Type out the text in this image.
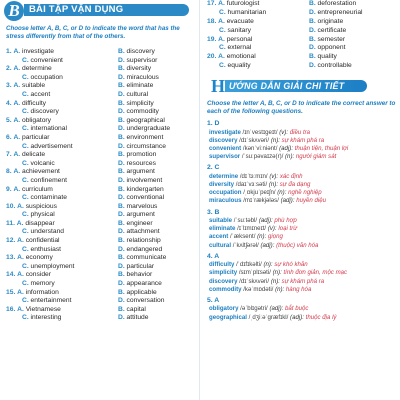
BÀI TẬP VẬN DỤNG
B
Choose letter A, B, C, or D to indicate the word that has the stress differently from that of the others.
1. A. investigate	B. discovery
C. convenient	D. supervisor
2. A. determine	B. diversity
C. occupation	D. miraculous
3. A. suitable	B. eliminate
C. accent	D. cultural
4. A. difficulty	B. simplicity
C. discovery	D. commodity
5. A. obligatory	B. geographical
C. international	D. undergraduate
6. A. particular	B. environment
C. advertisement	D. circumstance
7. A. delicate	B. promotion
C. volcanic	D. resources
8. A. achievement	B. argument
C. confinement	D. involvement
9. A. curriculum	B. kindergarten
C. contaminate	D. conventional
10. A. suspicious	B. marvelous
C. physical	D. argument
11. A. disappear	B. engineer
C. understand	D. attachment
12. A. confidential	B. relationship
C. enthusiast	D. endangered
13. A. economy	B. communicate
C. unemployment	D. particular
14. A. consider	B. behavior
C. memory	D. appearance
15. A. information	B. applicable
C. entertainment	D. conversation
16. A. Vietnamese	B. capital
C. interesting	D. attitude
17. A. futurologist	B. deforestation
C. humanitarian	D. entrepreneurial
18. A. evacuate	B. originate
C. sanitary	D. certificate
19. A. personal	B. semester
C. external	D. opponent
20. A. emotional	B. quality
C. equality	D. controllable
ƯỚNG DẪN GIẢI CHI TIẾT
H
Choose the letter A, B, C, or D to indicate the correct answer to each of the following questions.
1. D
investigate /ɪnˈvestɪɡeɪt/ (v): điều tra
discovery /dɪˈskʌvəri/ (n): sự khám phá ra
convenient /kənˈviːniənt/ (adj): thuận tiện, thuận lợi
supervisor /ˈsuːpəvaɪzə(r)/ (n): người giám sát
2. C
determine /dɪˈtɜːmɪn/ (v): xác định
diversity /daɪˈvɜːsəti/ (n): sự đa dạng
occupation /ˌɒkjuˈpeɪʃn/ (n): nghề nghiệp
miraculous /mɪˈrækjələs/ (adj): huyền diệu
3. B
suitable /ˈsuːtəbl/ (adj): phù hợp
eliminate /ɪˈlɪmɪneɪt/ (v): loại trừ
accent /ˈæksent/ (n): giọng
cultural /ˈkʌltʃərəl/ (adj): (thuộc) văn hóa
4. A
difficulty /ˈdɪfɪkəlti/ (n): sự khó khăn
simplicity /sɪmˈplɪsəti/ (n): tính đơn giản, mộc mạc
discovery /dɪˈskʌvəri/ (n): sự khám phá ra
commodity /kəˈmɒdəti/ (n): hàng hóa
5. A
obligatory /əˈblɪɡətri/ (adj): bắt buộc
geographical /ˌdʒiːəˈɡræfɪkl/ (adj): thuộc địa lý
